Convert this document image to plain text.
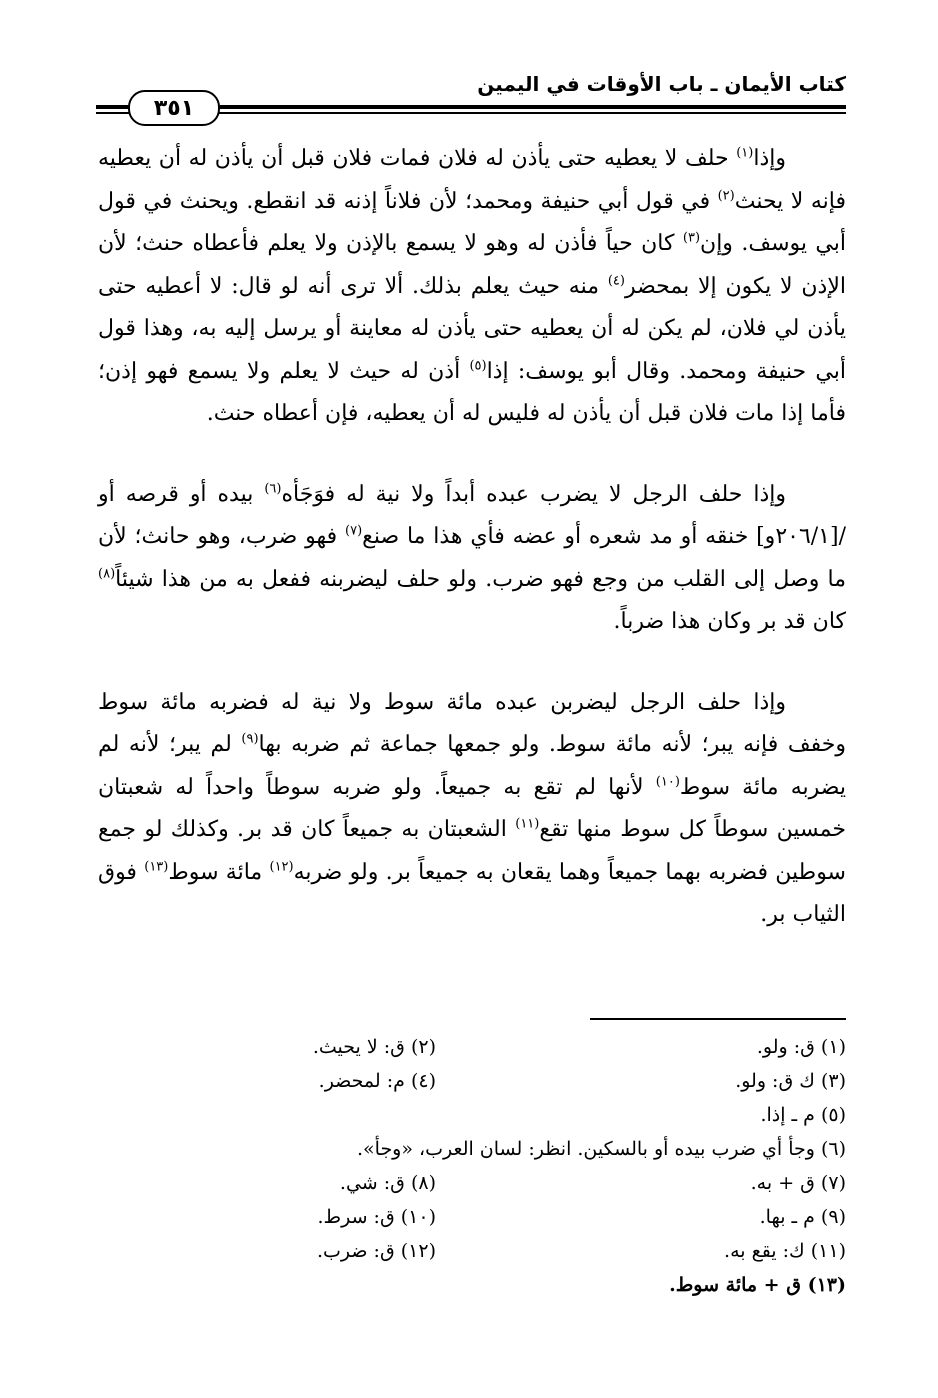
كتاب الأيمان ـ باب الأوقات في اليمين
٣٥١

وإذا$^{(١)}$ حلف لا يعطيه حتى يأذن له فلان فمات فلان قبل أن يأذن له أن يعطيه فإنه لا يحنث$^{(٢)}$ في قول أبي حنيفة ومحمد؛ لأن فلاناً إذنه قد انقطع. ويحنث في قول أبي يوسف. وإن$^{(٣)}$ كان حياً فأذن له وهو لا يسمع بالإذن ولا يعلم فأعطاه حنث؛ لأن الإذن لا يكون إلا بمحضر$^{(٤)}$ منه حيث يعلم بذلك. ألا ترى أنه لو قال: لا أعطيه حتى يأذن لي فلان، لم يكن له أن يعطيه حتى يأذن له معاينة أو يرسل إليه به، وهذا قول أبي حنيفة ومحمد. وقال أبو يوسف: إذا$^{(٥)}$ أذن له حيث لا يعلم ولا يسمع فهو إذن؛ فأما إذا مات فلان قبل أن يأذن له فليس له أن يعطيه، فإن أعطاه حنث.

وإذا حلف الرجل لا يضرب عبده أبداً ولا نية له فوَجَأه$^{(٦)}$ بيده أو قرصه أو /[٢٠٦/١و] خنقه أو مد شعره أو عضه فأي هذا ما صنع$^{(٧)}$ فهو ضرب، وهو حانث؛ لأن ما وصل إلى القلب من وجع فهو ضرب. ولو حلف ليضربنه ففعل به من هذا شيئاً$^{(٨)}$ كان قد بر وكان هذا ضرباً.

وإذا حلف الرجل ليضربن عبده مائة سوط ولا نية له فضربه مائة سوط وخفف فإنه يبر؛ لأنه مائة سوط. ولو جمعها جماعة ثم ضربه بها$^{(٩)}$ لم يبر؛ لأنه لم يضربه مائة سوط$^{(١٠)}$ لأنها لم تقع به جميعاً. ولو ضربه سوطاً واحداً له شعبتان خمسين سوطاً كل سوط منها تقع$^{(١١)}$ الشعبتان به جميعاً كان قد بر. وكذلك لو جمع سوطين فضربه بهما جميعاً وهما يقعان به جميعاً بر. ولو ضربه$^{(١٢)}$ مائة سوط$^{(١٣)}$ فوق الثياب بر.

(١) ق: ولو.
(٢) ق: لا يحيث.
(٣) ك ق: ولو.
(٤) م: لمحضر.
(٥) م ـ إذا.
(٦) وجأ أي ضرب بيده أو بالسكين. انظر: لسان العرب، «وجأ».
(٧) ق + به.
(٨) ق: شي.
(٩) م ـ بها.
(١٠) ق: سرط.
(١١) ك: يقع به.
(١٢) ق: ضرب.
(١٣) ق + مائة سوط.
